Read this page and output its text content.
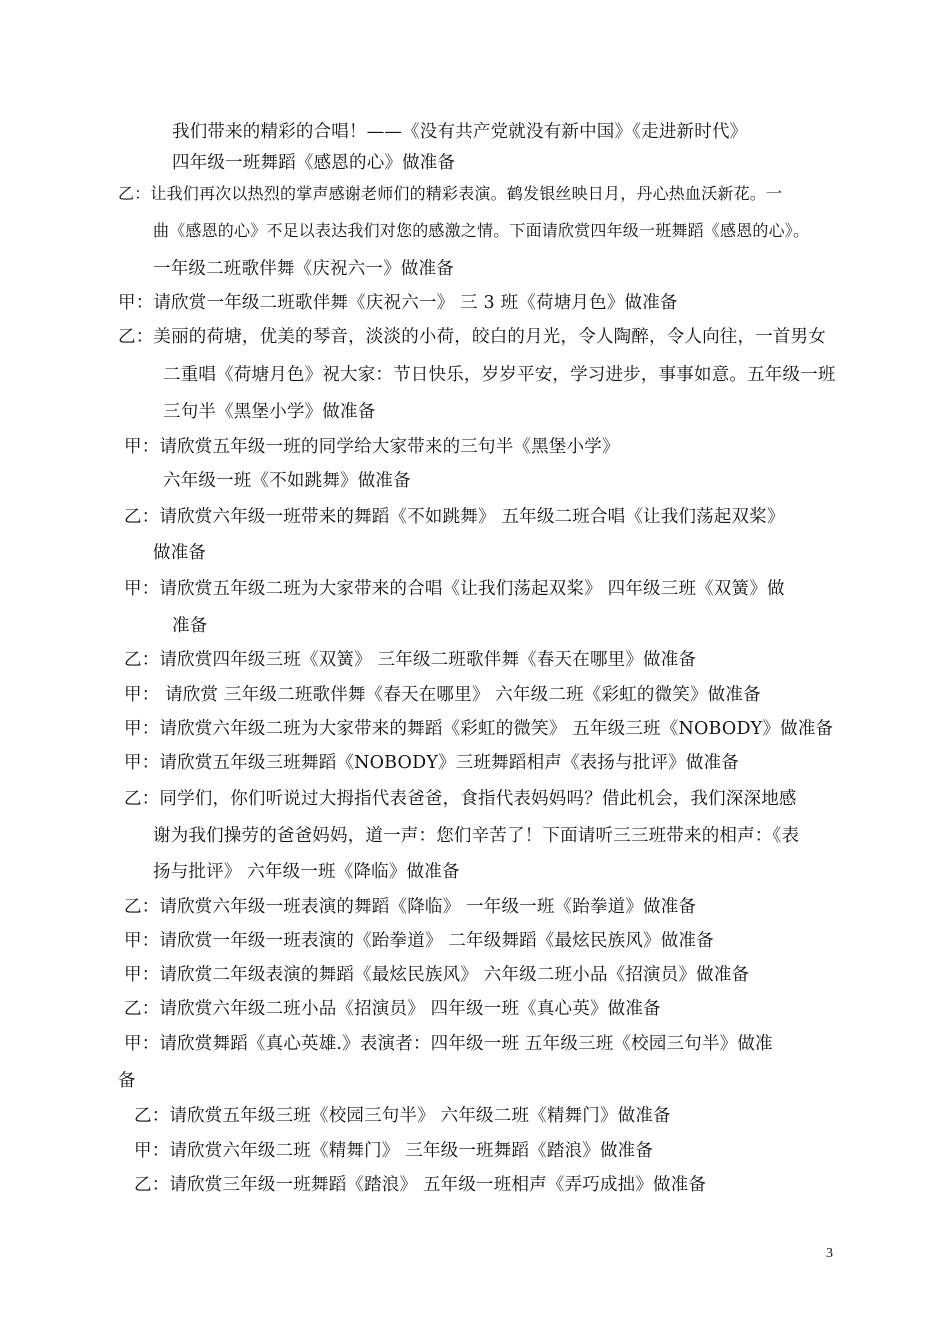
我们带来的精彩的合唱！——《没有共产党就没有新中国》《走进新时代》
四年级一班舞蹈《感恩的心》做准备
乙：让我们再次以热烈的掌声感谢老师们的精彩表演。鹤发银丝映日月，丹心热血沃新花。一
曲《感恩的心》不足以表达我们对您的感激之情。下面请欣赏四年级一班舞蹈《感恩的心》。
一年级二班歌伴舞《庆祝六一》做准备
甲：请欣赏一年级二班歌伴舞《庆祝六一》 三 3 班《荷塘月色》做准备
乙：美丽的荷塘，优美的琴音，淡淡的小荷，皎白的月光，令人陶醉，令人向往，一首男女
二重唱《荷塘月色》祝大家：节日快乐，岁岁平安，学习进步，事事如意。五年级一班
三句半《黑堡小学》做准备
甲：请欣赏五年级一班的同学给大家带来的三句半《黑堡小学》
六年级一班《不如跳舞》做准备
乙：请欣赏六年级一班带来的舞蹈《不如跳舞》 五年级二班合唱《让我们荡起双桨》
做准备
甲：请欣赏五年级二班为大家带来的合唱《让我们荡起双桨》 四年级三班《双簧》做
准备
乙：请欣赏四年级三班《双簧》 三年级二班歌伴舞《春天在哪里》做准备
甲： 请欣赏 三年级二班歌伴舞《春天在哪里》 六年级二班《彩虹的微笑》做准备
甲：请欣赏六年级二班为大家带来的舞蹈《彩虹的微笑》 五年级三班《NOBODY》做准备
甲：请欣赏五年级三班舞蹈《NOBODY》三班舞蹈相声《表扬与批评》做准备
乙：同学们，你们听说过大拇指代表爸爸，食指代表妈妈吗？借此机会，我们深深地感
谢为我们操劳的爸爸妈妈，道一声：您们辛苦了！下面请听三三班带来的相声：《表
扬与批评》 六年级一班《降临》做准备
乙：请欣赏六年级一班表演的舞蹈《降临》 一年级一班《跆拳道》做准备
甲：请欣赏一年级一班表演的《跆拳道》 二年级舞蹈《最炫民族风》做准备
甲：请欣赏二年级表演的舞蹈《最炫民族风》 六年级二班小品《招演员》做准备
乙：请欣赏六年级二班小品《招演员》 四年级一班《真心英》做准备
甲：请欣赏舞蹈《真心英雄.》表演者：四年级一班 五年级三班《校园三句半》做准
备
乙：请欣赏五年级三班《校园三句半》 六年级二班《精舞门》做准备
甲：请欣赏六年级二班《精舞门》 三年级一班舞蹈《踏浪》做准备
乙：请欣赏三年级一班舞蹈《踏浪》 五年级一班相声《弄巧成拙》做准备
3
